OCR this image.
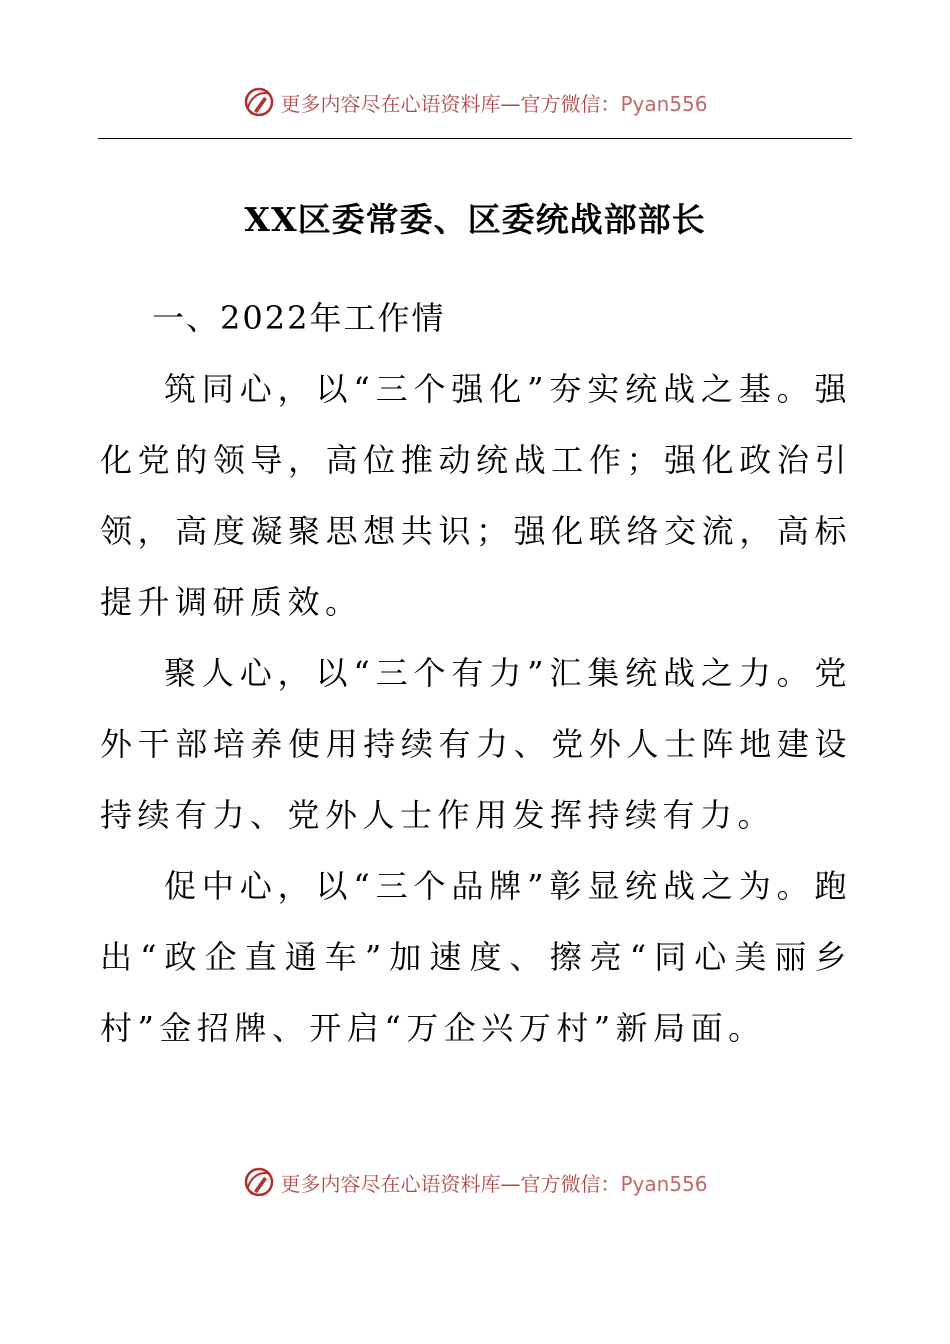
更多内容尽在心语资料库—官方微信：Pyan556
XX区委常委、区委统战部部长
一、2022年工作情

筑同心，以“三个强化”夯实统战之基。强化党的领导，高位推动统战工作；强化政治引领，高度凝聚思想共识；强化联络交流，高标提升调研质效。

聚人心，以“三个有力”汇集统战之力。党外干部培养使用持续有力、党外人士阵地建设持续有力、党外人士作用发挥持续有力。

促中心，以“三个品牌”彰显统战之为。跑出“政企直通车”加速度、擦亮“同心美丽乡村”金招牌、开启“万企兴万村”新局面。

更多内容尽在心语资料库—官方微信：Pyan556
